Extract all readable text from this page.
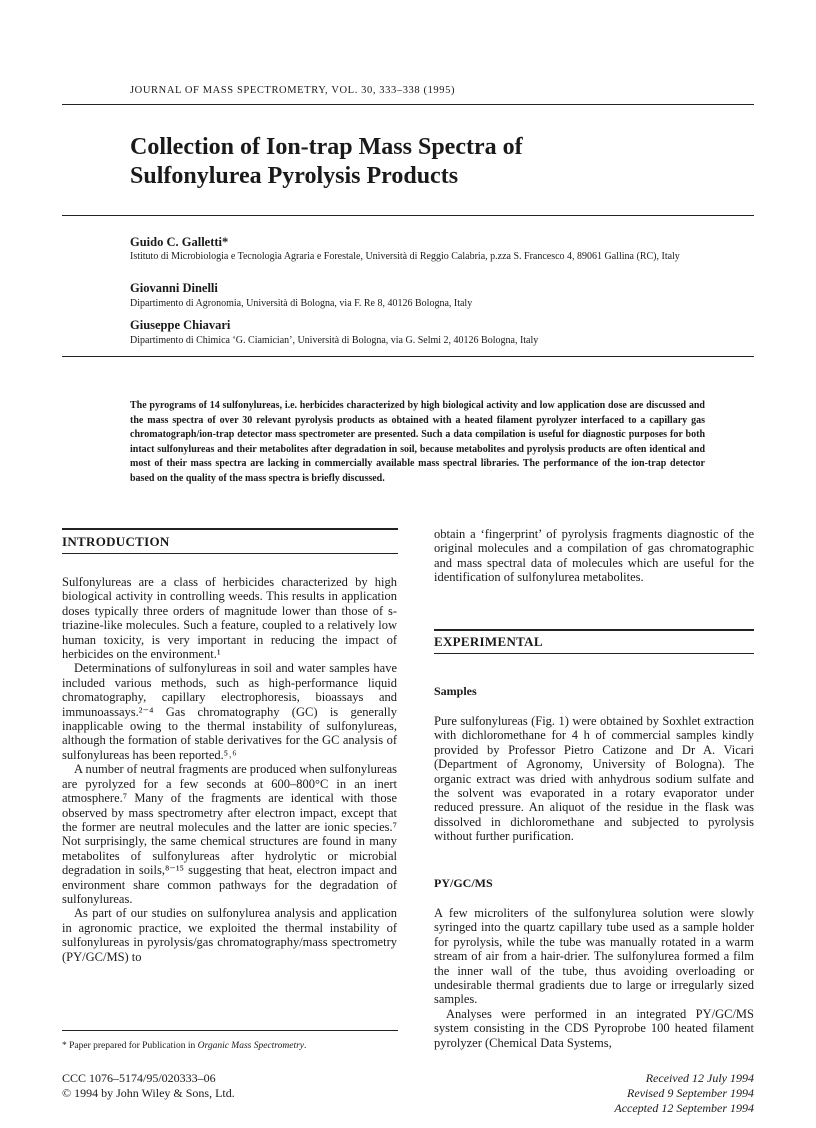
JOURNAL OF MASS SPECTROMETRY, VOL. 30, 333–338 (1995)
Collection of Ion-trap Mass Spectra of
Sulfonylurea Pyrolysis Products
Guido C. Galletti*
Istituto di Microbiologia e Tecnologia Agraria e Forestale, Università di Reggio Calabria, p.zza S. Francesco 4, 89061 Gallina (RC), Italy
Giovanni Dinelli
Dipartimento di Agronomia, Università di Bologna, via F. Re 8, 40126 Bologna, Italy
Giuseppe Chiavari
Dipartimento di Chimica ‘G. Ciamician’, Università di Bologna, via G. Selmi 2, 40126 Bologna, Italy
The pyrograms of 14 sulfonylureas, i.e. herbicides characterized by high biological activity and low application dose are discussed and the mass spectra of over 30 relevant pyrolysis products as obtained with a heated filament pyrolyzer interfaced to a capillary gas chromatograph/ion-trap detector mass spectrometer are presented. Such a data compilation is useful for diagnostic purposes for both intact sulfonylureas and their metabolites after degradation in soil, because metabolites and pyrolysis products are often identical and most of their mass spectra are lacking in commercially available mass spectral libraries. The performance of the ion-trap detector based on the quality of the mass spectra is briefly discussed.
INTRODUCTION

Sulfonylureas are a class of herbicides characterized by high biological activity in controlling weeds. This results in application doses typically three orders of magnitude lower than those of s-triazine-like molecules. Such a feature, coupled to a relatively low human toxicity, is very important in reducing the impact of herbicides on the environment.¹

Determinations of sulfonylureas in soil and water samples have included various methods, such as high-performance liquid chromatography, capillary electrophoresis, bioassays and immunoassays.²⁻⁴ Gas chromatography (GC) is generally inapplicable owing to the thermal instability of sulfonylureas, although the formation of stable derivatives for the GC analysis of sulfonylureas has been reported.⁵˒⁶

A number of neutral fragments are produced when sulfonylureas are pyrolyzed for a few seconds at 600–800°C in an inert atmosphere.⁷ Many of the fragments are identical with those observed by mass spectrometry after electron impact, except that the former are neutral molecules and the latter are ionic species.⁷ Not surprisingly, the same chemical structures are found in many metabolites of sulfonylureas after hydrolytic or microbial degradation in soils,⁸⁻¹⁵ suggesting that heat, electron impact and environment share common pathways for the degradation of sulfonylureas.

As part of our studies on sulfonylurea analysis and application in agronomic practice, we exploited the thermal instability of sulfonylureas in pyrolysis/gas chromatography/mass spectrometry (PY/GC/MS) to

* Paper prepared for Publication in Organic Mass Spectrometry.
obtain a ‘fingerprint’ of pyrolysis fragments diagnostic of the original molecules and a compilation of gas chromatographic and mass spectral data of molecules which are useful for the identification of sulfonylurea metabolites.
EXPERIMENTAL
Samples
Pure sulfonylureas (Fig. 1) were obtained by Soxhlet extraction with dichloromethane for 4 h of commercial samples kindly provided by Professor Pietro Catizone and Dr A. Vicari (Department of Agronomy, University of Bologna). The organic extract was dried with anhydrous sodium sulfate and the solvent was evaporated in a rotary evaporator under reduced pressure. An aliquot of the residue in the flask was dissolved in dichloromethane and subjected to pyrolysis without further purification.
PY/GC/MS

A few microliters of the sulfonylurea solution were slowly syringed into the quartz capillary tube used as a sample holder for pyrolysis, while the tube was manually rotated in a warm stream of air from a hair-drier. The sulfonylurea formed a film the inner wall of the tube, thus avoiding overloading or undesirable thermal gradients due to large or irregularly sized samples.

Analyses were performed in an integrated PY/GC/MS system consisting in the CDS Pyroprobe 100 heated filament pyrolyzer (Chemical Data Systems,

CCC 1076–5174/95/020333–06
© 1994 by John Wiley & Sons, Ltd.
Received 12 July 1994
Revised 9 September 1994
Accepted 12 September 1994
